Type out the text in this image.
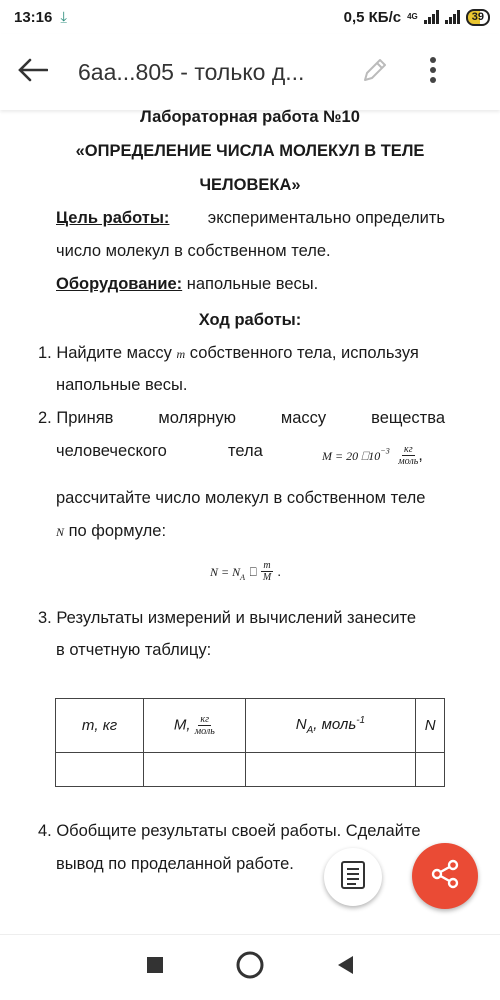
13:16 ⤓	0,5 КБ/с 4G	39
6aa...805 - только д...
Лабораторная работа №10
«ОПРЕДЕЛЕНИЕ ЧИСЛА МОЛЕКУЛ В ТЕЛЕ
ЧЕЛОВЕКА»
Цель работы: экспериментально определить
число молекул в собственном теле.
Оборудование: напольные весы.
Ход работы:
1. Найдите массу m собственного тела, используя
напольные весы.
2. Приняв	молярную	массу	вещества
человеческого	тела	M = 20 $⎕10^{-3} \frac{кг}{\text{моль}}$ ,
рассчитайте число молекул в собственном теле
N по формуле:
$N = N_A$ ⎕ $\frac{m}{M}$ .
3. Результаты измерений и вычислений занесите
в отчетную таблицу:
4. Обобщите результаты своей работы. Сделайте
вывод по проделанной работе.
m, кг	M, $\frac{кг}{\text{моль}}$	$N_A$, моль$^{-1}$	N
